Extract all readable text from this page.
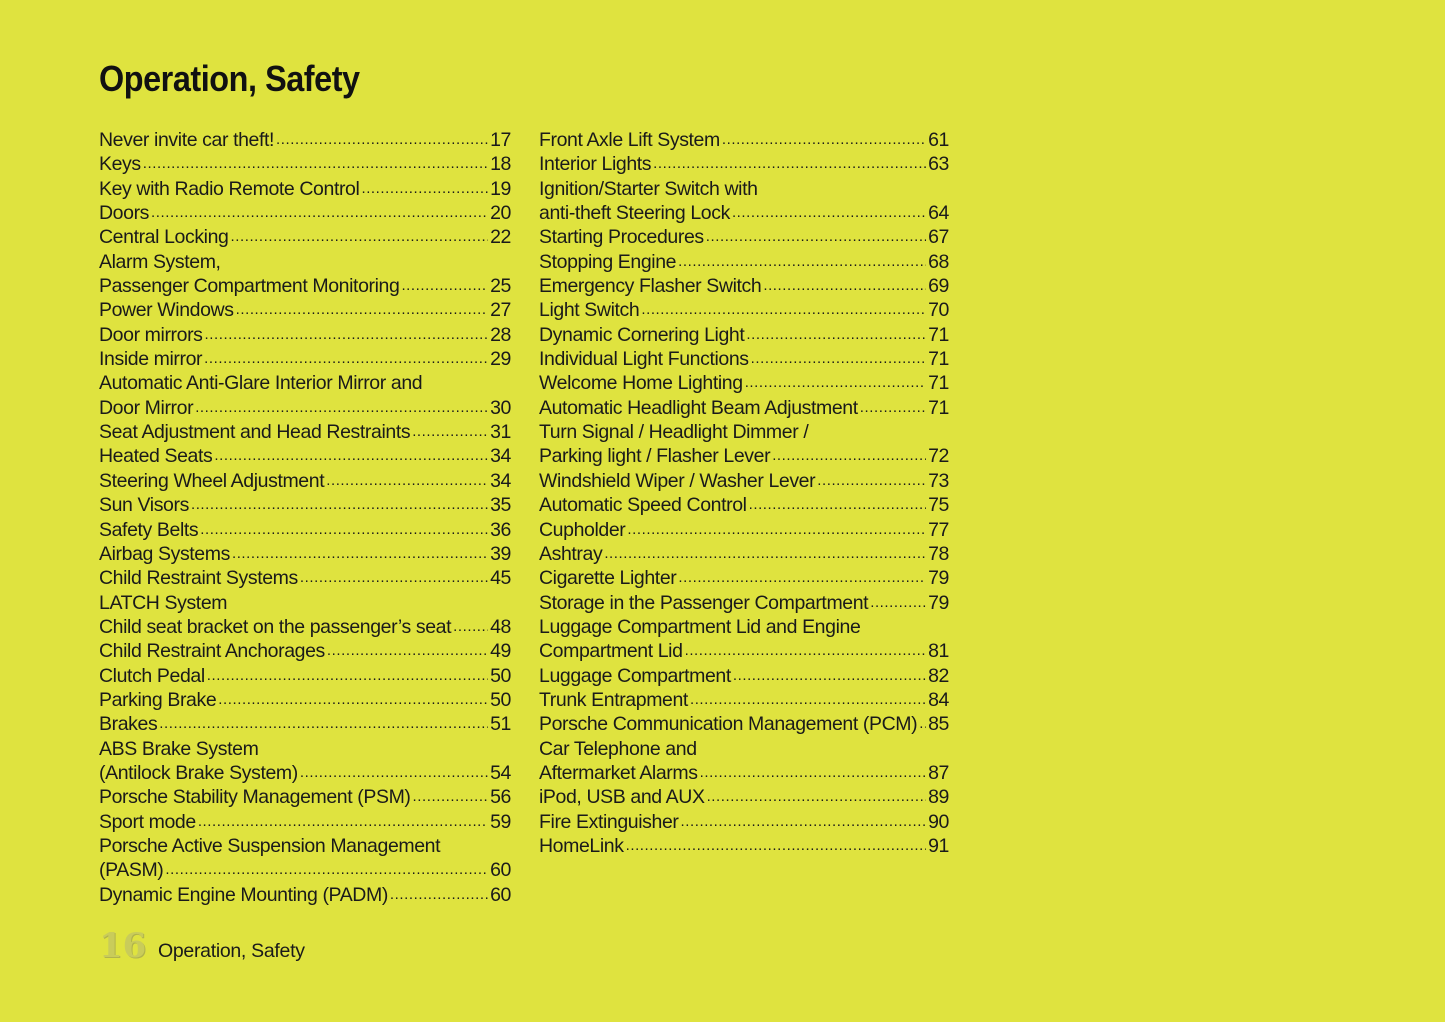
Operation, Safety
Never invite car theft! . . .	17
Keys . . .	18
Key with Radio Remote Control . . .	19
Doors . . .	20
Central Locking . . .	22
Alarm System,
Passenger Compartment Monitoring . . .	25
Power Windows . . .	27
Door mirrors . . .	28
Inside mirror . . .	29
Automatic Anti-Glare Interior Mirror and
Door Mirror . . .	30
Seat Adjustment and Head Restraints . . .	31
Heated Seats . . .	34
Steering Wheel Adjustment . . .	34
Sun Visors . . .	35
Safety Belts . . .	36
Airbag Systems . . .	39
Child Restraint Systems . . .	45
LATCH System
Child seat bracket on the passenger’s seat . . . 48
Child Restraint Anchorages . . .	49
Clutch Pedal . . .	50
Parking Brake . . .	50
Brakes . . .	51
ABS Brake System
(Antilock Brake System) . . .	54
Porsche Stability Management (PSM) . . .	56
Sport mode . . .	59
Porsche Active Suspension Management
(PASM) . . .	60
Dynamic Engine Mounting (PADM) . . .	60
Front Axle Lift System . . .	61
Interior Lights . . .	63
Ignition/Starter Switch with
anti-theft Steering Lock . . .	64
Starting Procedures . . .	67
Stopping Engine . . .	68
Emergency Flasher Switch . . .	69
Light Switch . . .	70
Dynamic Cornering Light . . .	71
Individual Light Functions . . .	71
Welcome Home Lighting . . .	71
Automatic Headlight Beam Adjustment . . .	71
Turn Signal / Headlight Dimmer /
Parking light / Flasher Lever . . .	72
Windshield Wiper / Washer Lever . . .	73
Automatic Speed Control . . .	75
Cupholder . . .	77
Ashtray . . .	78
Cigarette Lighter . . .	79
Storage in the Passenger Compartment . . .	79
Luggage Compartment Lid and Engine
Compartment Lid . . .	81
Luggage Compartment . . .	82
Trunk Entrapment . . .	84
Porsche Communication Management (PCM) . . . 85
Car Telephone and
Aftermarket Alarms . . .	87
iPod, USB and AUX . . .	89
Fire Extinguisher . . .	90
HomeLink . . .	91
16 Operation, Safety
